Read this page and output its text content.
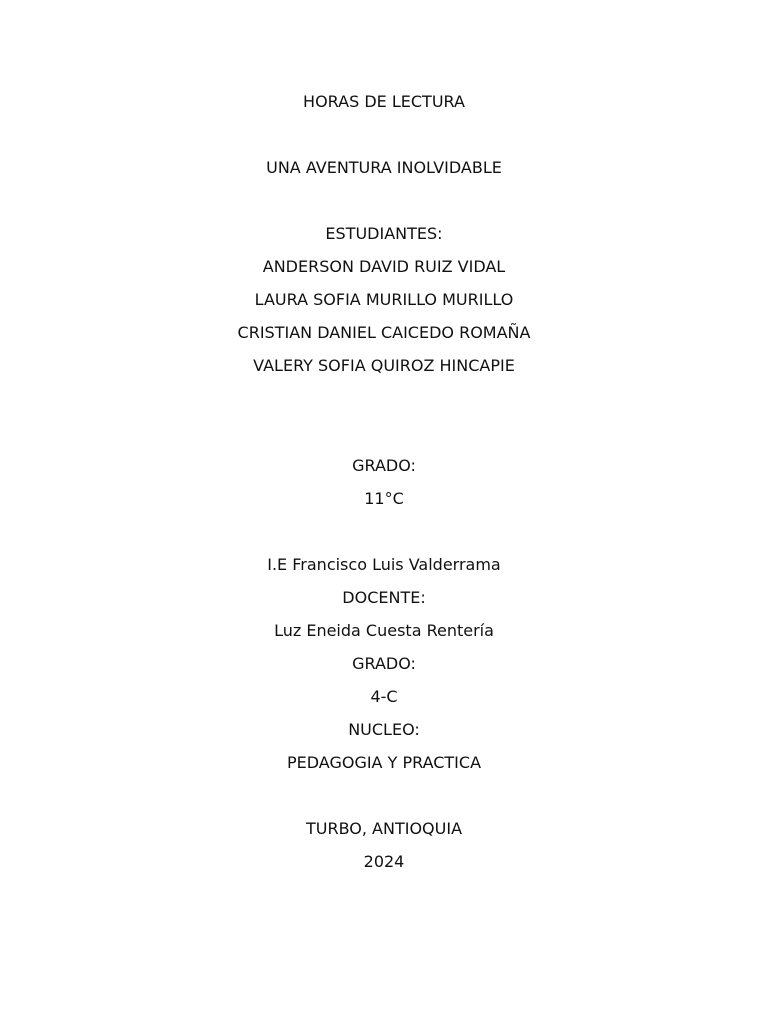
HORAS DE LECTURA
UNA AVENTURA INOLVIDABLE
ESTUDIANTES:
ANDERSON DAVID RUIZ VIDAL
LAURA SOFIA MURILLO MURILLO
CRISTIAN DANIEL CAICEDO ROMAÑA
VALERY SOFIA QUIROZ HINCAPIE
GRADO:
11°C
I.E Francisco Luis Valderrama
DOCENTE:
Luz Eneida Cuesta Rentería
GRADO:
4-C
NUCLEO:
PEDAGOGIA Y PRACTICA
TURBO, ANTIOQUIA
2024
